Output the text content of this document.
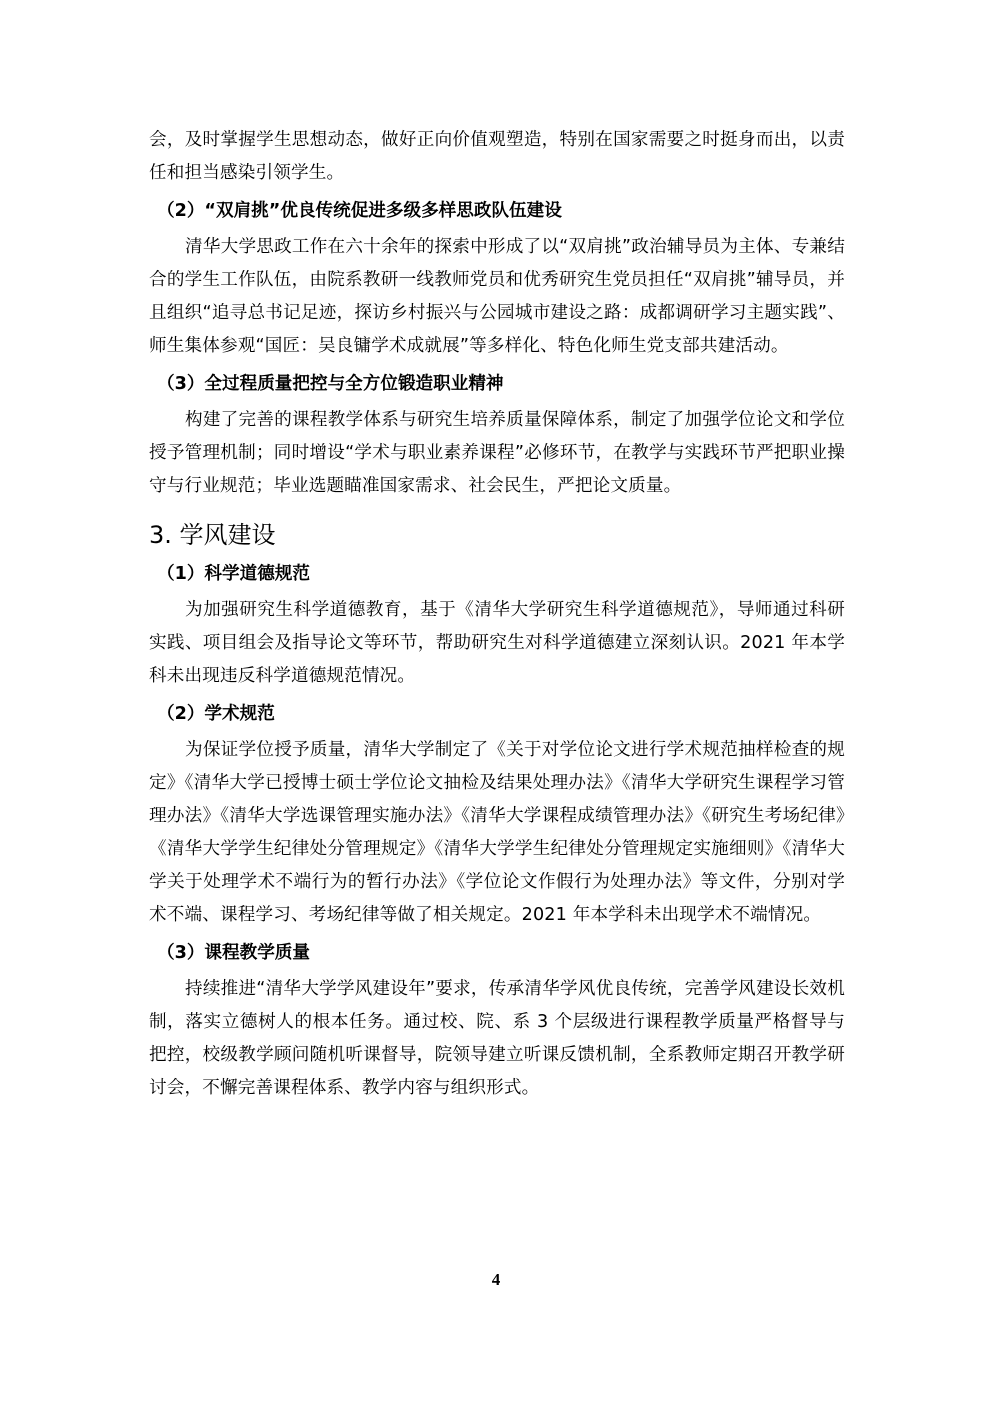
会，及时掌握学生思想动态，做好正向价值观塑造，特别在国家需要之时挺身而出，以责任和担当感染引领学生。

（2）“双肩挑”优良传统促进多级多样思政队伍建设

清华大学思政工作在六十余年的探索中形成了以“双肩挑”政治辅导员为主体、专兼结合的学生工作队伍，由院系教研一线教师党员和优秀研究生党员担任“双肩挑”辅导员，并且组织“追寻总书记足迹，探访乡村振兴与公园城市建设之路：成都调研学习主题实践”、师生集体参观“国匠：吴良镛学术成就展”等多样化、特色化师生党支部共建活动。

（3）全过程质量把控与全方位锻造职业精神

构建了完善的课程教学体系与研究生培养质量保障体系，制定了加强学位论文和学位授予管理机制；同时增设“学术与职业素养课程”必修环节，在教学与实践环节严把职业操守与行业规范；毕业选题瞄准国家需求、社会民生，严把论文质量。

3. 学风建设
（1）科学道德规范

为加强研究生科学道德教育，基于《清华大学研究生科学道德规范》，导师通过科研实践、项目组会及指导论文等环节，帮助研究生对科学道德建立深刻认识。2021 年本学科未出现违反科学道德规范情况。

（2）学术规范

为保证学位授予质量，清华大学制定了《关于对学位论文进行学术规范抽样检查的规定》《清华大学已授博士硕士学位论文抽检及结果处理办法》《清华大学研究生课程学习管理办法》《清华大学选课管理实施办法》《清华大学课程成绩管理办法》《研究生考场纪律》《清华大学学生纪律处分管理规定》《清华大学学生纪律处分管理规定实施细则》《清华大学关于处理学术不端行为的暂行办法》《学位论文作假行为处理办法》等文件，分别对学术不端、课程学习、考场纪律等做了相关规定。2021 年本学科未出现学术不端情况。

（3）课程教学质量

持续推进“清华大学学风建设年”要求，传承清华学风优良传统，完善学风建设长效机制，落实立德树人的根本任务。通过校、院、系 3 个层级进行课程教学质量严格督导与把控，校级教学顾问随机听课督导，院领导建立听课反馈机制，全系教师定期召开教学研讨会，不懈完善课程体系、教学内容与组织形式。

4
